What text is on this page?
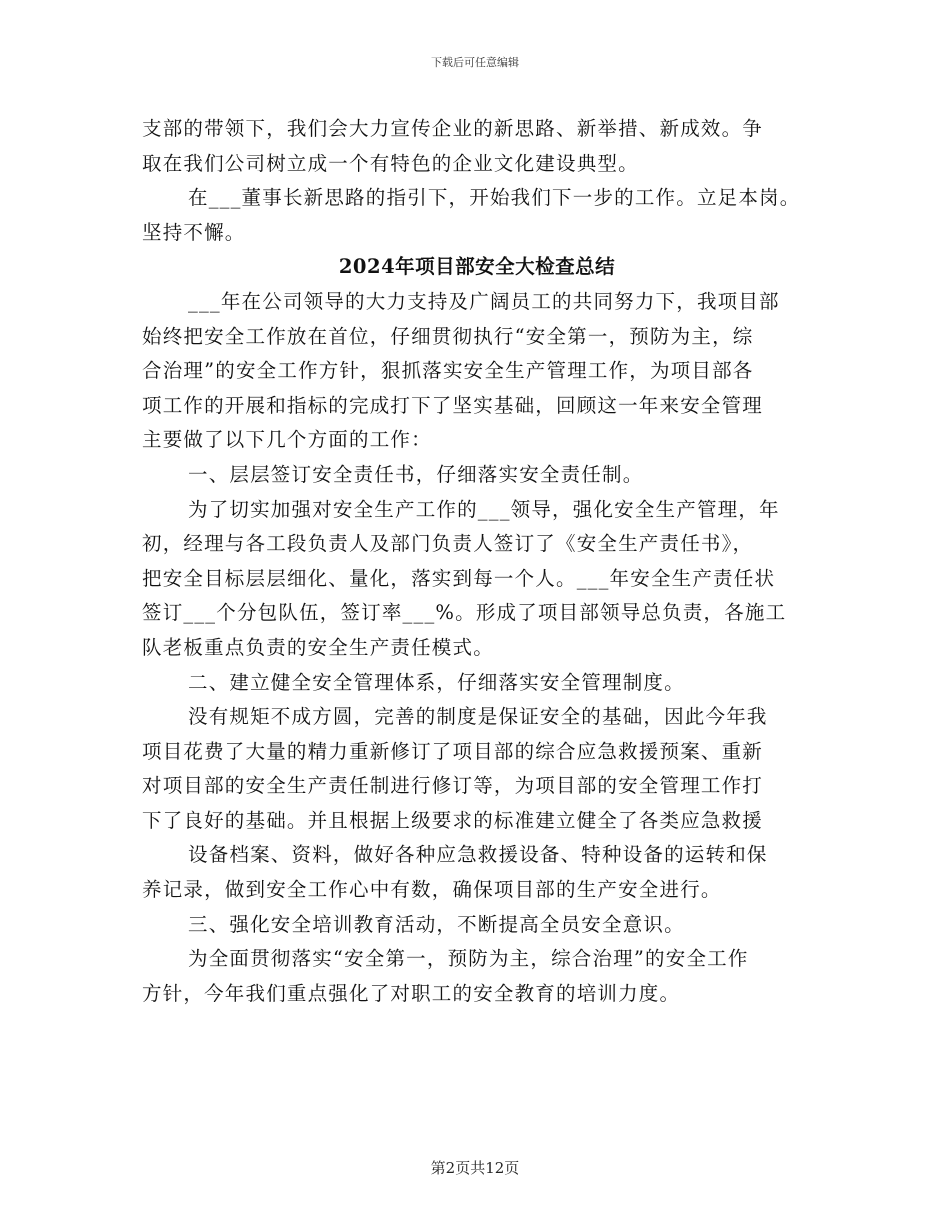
下载后可任意编辑
支部的带领下，我们会大力宣传企业的新思路、新举措、新成效。争
取在我们公司树立成一个有特色的企业文化建设典型。
在___董事长新思路的指引下，开始我们下一步的工作。立足本岗。
坚持不懈。
2024年项目部安全大检查总结
___年在公司领导的大力支持及广阔员工的共同努力下，我项目部
始终把安全工作放在首位，仔细贯彻执行“安全第一，预防为主，综
合治理”的安全工作方针，狠抓落实安全生产管理工作，为项目部各
项工作的开展和指标的完成打下了坚实基础，回顾这一年来安全管理
主要做了以下几个方面的工作：
一、层层签订安全责任书，仔细落实安全责任制。
为了切实加强对安全生产工作的___领导，强化安全生产管理，年
初，经理与各工段负责人及部门负责人签订了《安全生产责任书》，
把安全目标层层细化、量化，落实到每一个人。___年安全生产责任状
签订___个分包队伍，签订率___%。形成了项目部领导总负责，各施工
队老板重点负责的安全生产责任模式。
二、建立健全安全管理体系，仔细落实安全管理制度。
没有规矩不成方圆，完善的制度是保证安全的基础，因此今年我
项目花费了大量的精力重新修订了项目部的综合应急救援预案、重新
对项目部的安全生产责任制进行修订等，为项目部的安全管理工作打
下了良好的基础。并且根据上级要求的标准建立健全了各类应急救援
设备档案、资料，做好各种应急救援设备、特种设备的运转和保
养记录，做到安全工作心中有数，确保项目部的生产安全进行。
三、强化安全培训教育活动，不断提高全员安全意识。
为全面贯彻落实“安全第一，预防为主，综合治理”的安全工作
方针，今年我们重点强化了对职工的安全教育的培训力度。
第2页共12页
